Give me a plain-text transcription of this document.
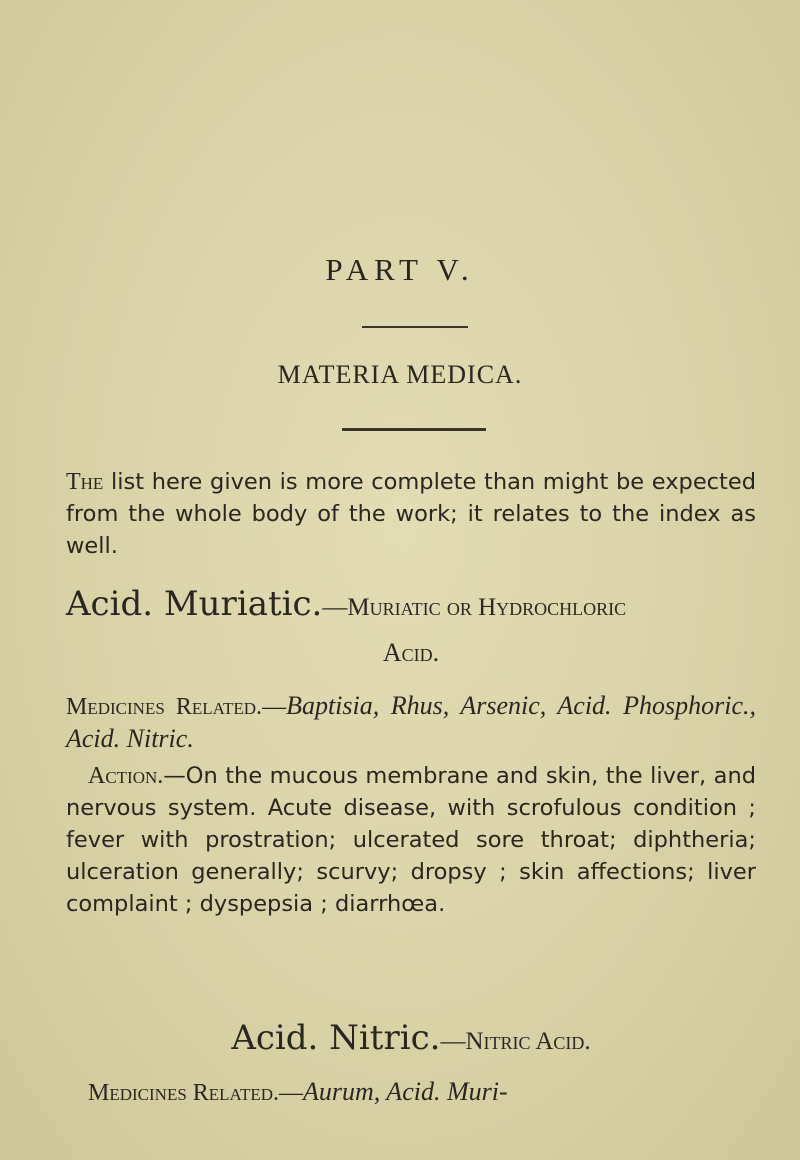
PART V.
MATERIA MEDICA.
The list here given is more complete than might be expected from the whole body of the work; it relates to the index as well.
Acid. Muriatic.—Muriatic or Hydrochloric
Acid.
Medicines Related.—Baptisia, Rhus, Arsenic, Acid. Phosphoric., Acid. Nitric.
Action.—On the mucous membrane and skin, the liver, and nervous system. Acute disease, with scrofulous condition ; fever with prostration; ulcerated sore throat; diphtheria; ulceration generally; scurvy; dropsy ; skin affections; liver complaint ; dyspepsia ; diarrhœa.
Acid. Nitric.—Nitric Acid.
Medicines Related.—Aurum, Acid. Muri-
